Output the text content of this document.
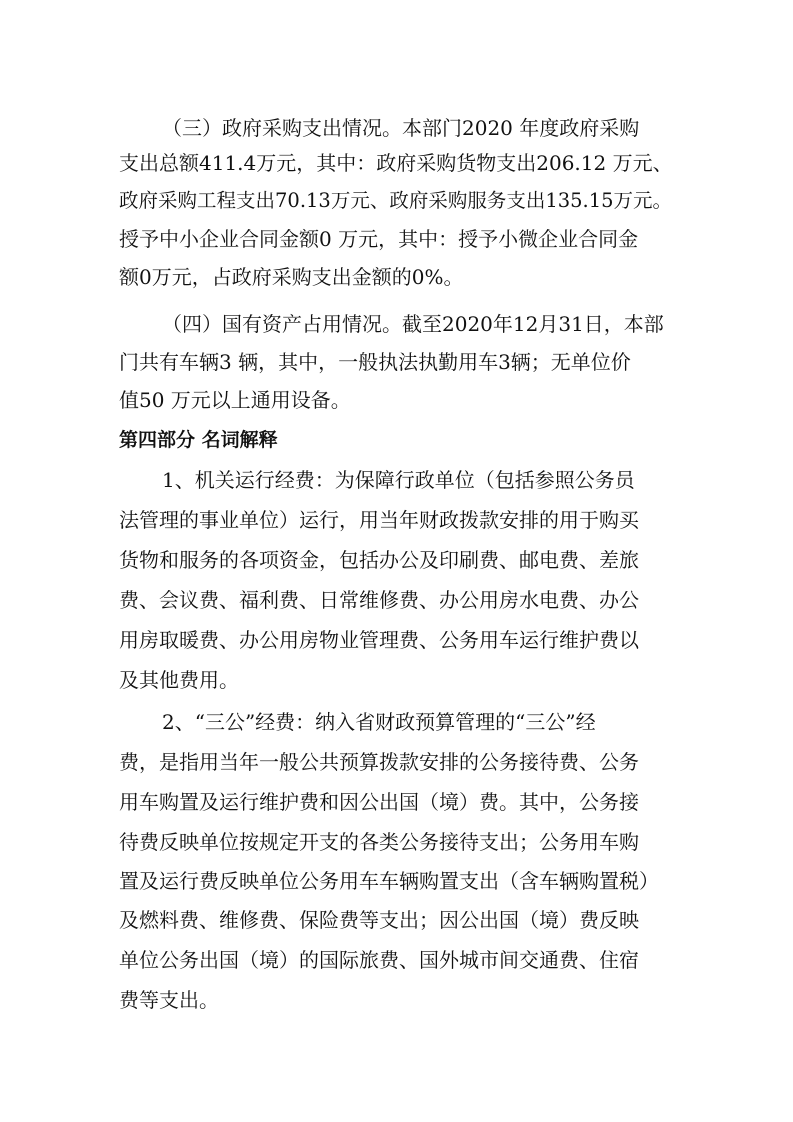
（三）政府采购支出情况。本部门2020 年度政府采购
支出总额411.4万元，其中：政府采购货物支出206.12 万元、
政府采购工程支出70.13万元、政府采购服务支出135.15万元。
授予中小企业合同金额0 万元，其中：授予小微企业合同金
额0万元，占政府采购支出金额的0%。
（四）国有资产占用情况。截至2020年12月31日，本部
门共有车辆3 辆，其中，一般执法执勤用车3辆；无单位价
值50 万元以上通用设备。
第四部分 名词解释
1、机关运行经费：为保障行政单位（包括参照公务员
法管理的事业单位）运行，用当年财政拨款安排的用于购买
货物和服务的各项资金，包括办公及印刷费、邮电费、差旅
费、会议费、福利费、日常维修费、办公用房水电费、办公
用房取暖费、办公用房物业管理费、公务用车运行维护费以
及其他费用。
2、“三公”经费：纳入省财政预算管理的“三公”经
费，是指用当年一般公共预算拨款安排的公务接待费、公务
用车购置及运行维护费和因公出国（境）费。其中，公务接
待费反映单位按规定开支的各类公务接待支出；公务用车购
置及运行费反映单位公务用车车辆购置支出（含车辆购置税）
及燃料费、维修费、保险费等支出；因公出国（境）费反映
单位公务出国（境）的国际旅费、国外城市间交通费、住宿
费等支出。
